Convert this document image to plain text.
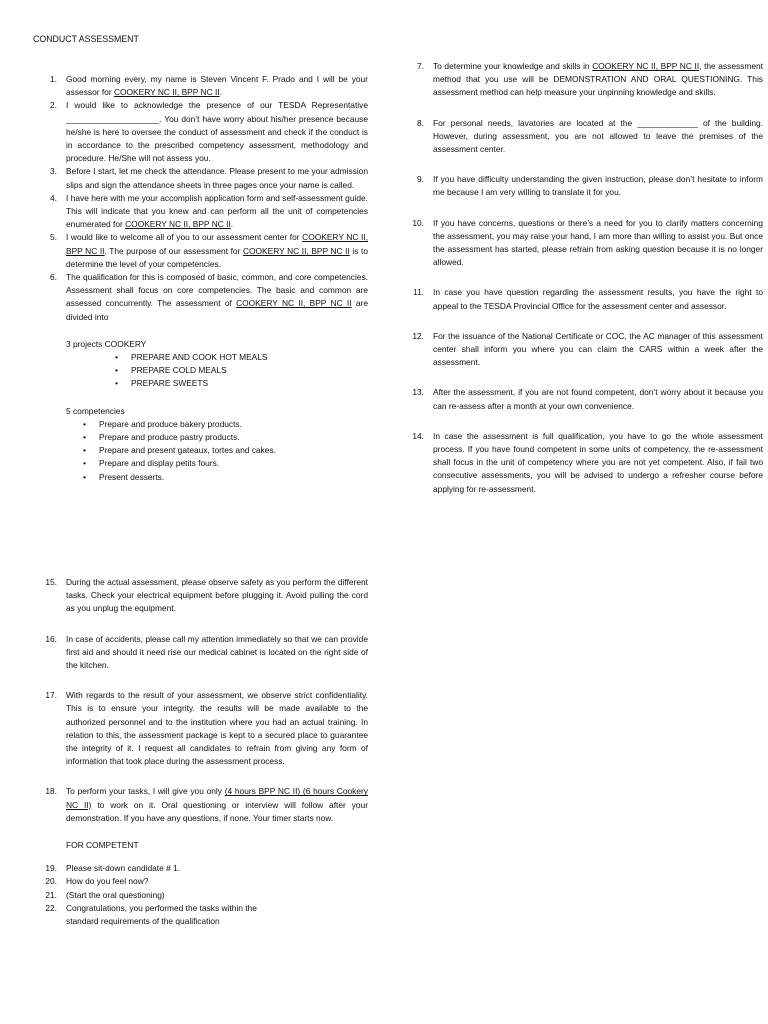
CONDUCT ASSESSMENT
1. Good morning every, my name is Steven Vincent F. Prado and I will be your assessor for COOKERY NC II, BPP NC II.
2. I would like to acknowledge the presence of our TESDA Representative ____________________. You don’t have worry about his/her presence because he/she is here to oversee the conduct of assessment and check if the conduct is in accordance to the prescribed competency assessment, methodology and procedure. He/She will not assess you.
3. Before I start, let me check the attendance. Please present to me your admission slips and sign the attendance sheets in three pages once your name is called.
4. I have here with me your accomplish application form and self-assessment guide. This will indicate that you knew and can perform all the unit of competencies enumerated for COOKERY NC II, BPP NC II.
5. I would like to welcome all of you to our assessment center for COOKERY NC II, BPP NC II. The purpose of our assessment for COOKERY NC II, BPP NC II is to determine the level of your competencies.
6. The qualification for this is composed of basic, common, and core competencies. Assessment shall focus on core competencies. The basic and common are assessed concurrently. The assessment of COOKERY NC II, BPP NC II are divided into
3 projects COOKERY
• PREPARE AND COOK HOT MEALS
• PREPARE COLD MEALS
• PREPARE SWEETS
5 competencies
• Prepare and produce bakery products.
• Prepare and produce pastry products.
• Prepare and present gateaux, tortes and cakes.
• Prepare and display petits fours.
• Present desserts.
7. To determine your knowledge and skills in COOKERY NC II, BPP NC II, the assessment method that you use will be DEMONSTRATION AND ORAL QUESTIONING. This assessment method can help measure your unpinning knowledge and skills.
8. For personal needs, lavatories are located at the _____________ of the building. However, during assessment, you are not allowed to leave the premises of the assessment center.
9. If you have difficulty understanding the given instruction, please don’t hesitate to inform me because I am very willing to translate it for you.
10. If you have concerns, questions or there’s a need for you to clarify matters concerning the assessment, you may raise your hand, I am more than willing to assist you. But once the assessment has started, please refrain from asking question because it is no longer allowed.
11. In case you have question regarding the assessment results, you have the right to appeal to the TESDA Provincial Office for the assessment center and assessor.
12. For the issuance of the National Certificate or COC, the AC manager of this assessment center shall inform you where you can claim the CARS within a week after the assessment.
13. After the assessment, if you are not found competent, don’t worry about it because you can re-assess after a month at your own convenience.
14. In case the assessment is full qualification, you have to go the whole assessment process. If you have found competent in some units of competency, the re-assessment shall focus in the unit of competency where you are not yet competent. Also, if fail two consecutive assessments, you will be advised to undergo a refresher course before applying for re-assessment.
15. During the actual assessment, please observe safety as you perform the different tasks. Check your electrical equipment before plugging it. Avoid pulling the cord as you unplug the equipment.
16. In case of accidents, please call my attention immediately so that we can provide first aid and should it need rise our medical cabinet is located on the right side of the kitchen.
17. With regards to the result of your assessment, we observe strict confidentiality. This is to ensure your integrity. the results will be made available to the authorized personnel and to the institution where you had an actual training. In relation to this, the assessment package is kept to a secured place to guarantee the integrity of it. I request all candidates to refrain from giving any form of information that took place during the assessment process.
18. To perform your tasks, I will give you only (4 hours BPP NC II) (6 hours Cookery NC II) to work on it. Oral questioning or interview will follow after your demonstration. If you have any questions, if none. Your timer starts now.
FOR COMPETENT
19. Please sit-down candidate # 1.
20. How do you feel now?
21. (Start the oral questioning)
22. Congratulations, you performed the tasks within the standard requirements of the qualification
